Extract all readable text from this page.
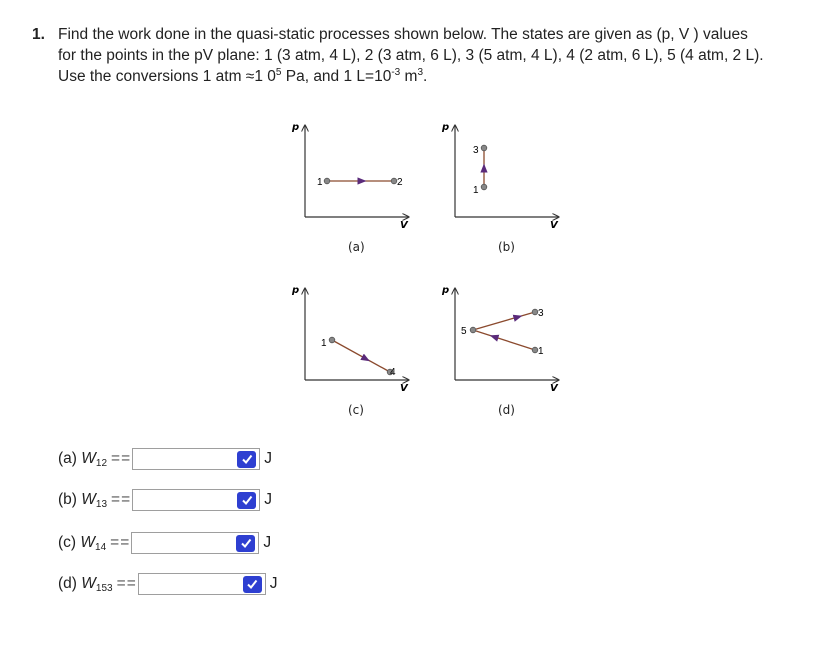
1. Find the work done in the quasi-static processes shown below. The states are given as (p, V ) values
for the points in the pV plane: 1 (3 atm, 4 L), 2 (3 atm, 6 L), 3 (5 atm, 4 L), 4 (2 atm, 6 L), 5 (4 atm, 2 L).
Use the conversions 1 atm ≈1 $0^5$ Pa, and 1 $L=10^{-3}$ $m^3$.
p
V
1	2
(a)
p
V
1
3
(b)
p
V
1
4
(c)
p
V
1
5
3
(d)
(a) $W_{12}$ = =	J
(b) $W_{13}$ = =	J
(c) $W_{14}$ = =	J
(d) $W_{153}$ = =	J
